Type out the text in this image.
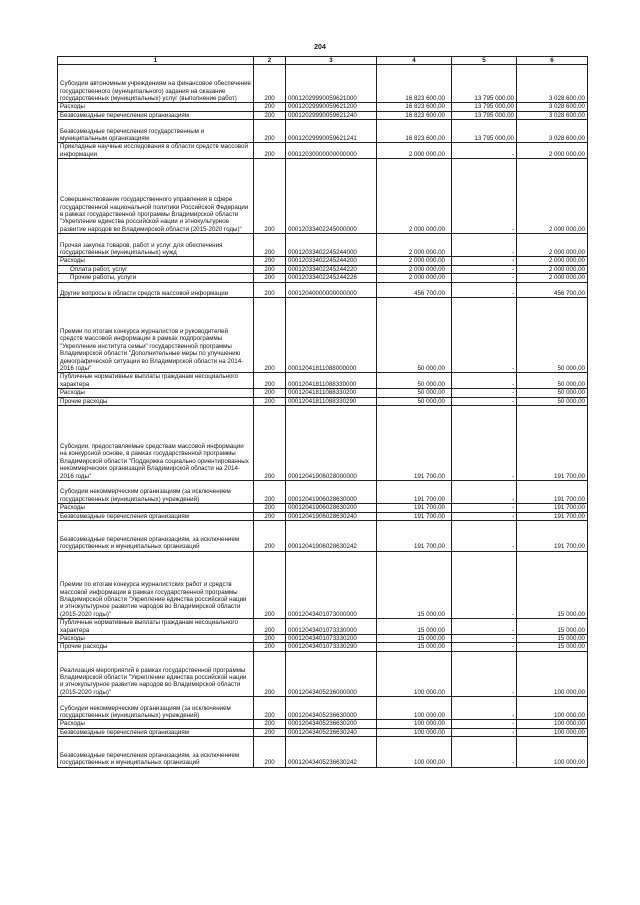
204
1	2	3	4	5	6

Субсидии автономным учреждениям на финансовое обеспечение государственного (муниципального) задания на оказание государственных (муниципальных) услуг (выполнение работ)	200	00012029990059621000	16 823 600,00	13 795 000,00	3 028 600,00

Расходы	200	00012029990059621200	16 823 600,00	13 795 000,00	3 028 600,00

Безвозмездные перечисления организациям	200	00012029990059621240	16 823 600,00	13 795 000,00	3 028 600,00

Безвозмездные перечисления государственным и муниципальным организациям	200	00012029990059621241	16 823 600,00	13 795 000,00	3 028 600,00

Прикладные научные исследования в области средств массовой информации	200	00012030000000000000	2 000 000,00	-	2 000 000,00

Совершенствование государственного управления в сфере государственной национальной политики Российской Федерации в рамках государственной программы Владимирской области "Укрепление единства российской нации и этнокультурное развитие народов во Владимирской области (2015-2020 годы)"	200	00012033402245000000	2 000 000,00	-	2 000 000,00

Прочая закупка товаров, работ и услуг для обеспечения государственных (муниципальных) нужд	200	00012033402245244000	2 000 000,00	-	2 000 000,00

Расходы	200	00012033402245244200	2 000 000,00	-	2 000 000,00

Оплата работ, услуг	200	00012033402245244220	2 000 000,00	-	2 000 000,00

Прочие работы, услуги	200	00012033402245244226	2 000 000,00	-	2 000 000,00

Другие вопросы в области средств массовой информации	200	00012040000000000000	456 700,00	-	456 700,00

Премии по итогам конкурса журналистов и руководителей средств массовой информации в рамках подпрограммы "Укрепление института семьи" государственной программы Владимирской области "Дополнительные меры по улучшению демографической ситуации во Владимирской области на 2014-2016 годы"	200	00012041811088000000	50 000,00	-	50 000,00

Публичные нормативные выплаты гражданам несоциального характера	200	00012041811088330000	50 000,00	-	50 000,00

Расходы	200	00012041811088330200	50 000,00	-	50 000,00

Прочие расходы	200	00012041811088330290	50 000,00	-	50 000,00

Субсидии, предоставляемые средствам массовой информации на конкурсной основе, в рамках государственной программы Владимирской области "Поддержка социально ориентированных некоммерческих организаций Владимирской области на 2014-2016 годы"	200	00012041906028000000	191 700,00	-	191 700,00

Субсидии некоммерческим организациям (за исключением государственных (муниципальных) учреждений)	200	00012041906028630000	191 700,00	-	191 700,00

Расходы	200	00012041906028630200	191 700,00	-	191 700,00

Безвозмездные перечисления организациям	200	00012041906028630240	191 700,00	-	191 700,00

Безвозмездные перечисления организациям, за исключением государственных и муниципальных организаций	200	00012041906028630242	191 700,00	-	191 700,00

Премии по итогам конкурса журналистских работ и средств массовой информации в рамках государственной программы Владимирской области "Укрепление единства российской нации и этнокультурное развитие народов во Владимирской области (2015-2020 годы)"	200	00012043401073000000	15 000,00	-	15 000,00

Публичные нормативные выплаты гражданам несоциального характера	200	00012043401073330000	15 000,00	-	15 000,00

Расходы	200	00012043401073330200	15 000,00	-	15 000,00

Прочие расходы	200	00012043401073330290	15 000,00	-	15 000,00

Реализация мероприятий в рамках государственной программы Владимирской области "Укрепление единства российской нации и этнокультурное развитие народов во Владимирской области (2015-2020 годы)"	200	00012043405236000000	100 000,00	-	100 000,00

Субсидии некоммерческим организациям (за исключением государственных (муниципальных) учреждений)	200	00012043405236630000	100 000,00	-	100 000,00

Расходы	200	00012043405236630200	100 000,00	-	100 000,00

Безвозмездные перечисления организациям	200	00012043405236630240	100 000,00	-	100 000,00

Безвозмездные перечисления организациям, за исключением государственных и муниципальных организаций	200	00012043405236630242	100 000,00	-	100 000,00
